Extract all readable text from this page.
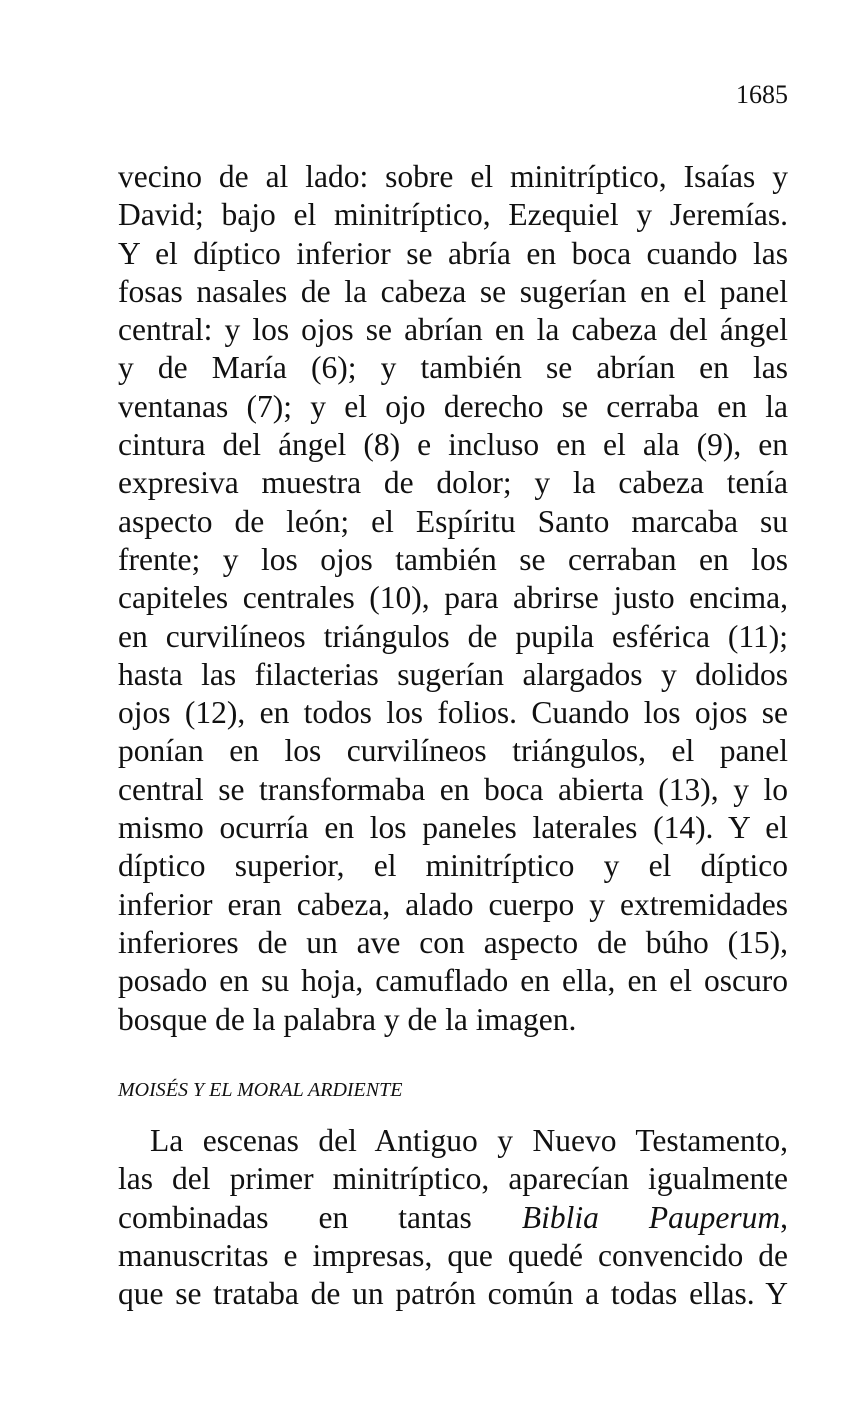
1685

vecino de al lado: sobre el minitríptico, Isaías y
David; bajo el minitríptico, Ezequiel y Jeremías.
Y el díptico inferior se abría en boca cuando las
fosas nasales de la cabeza se sugerían en el panel
central: y los ojos se abrían en la cabeza del ángel
y de María (6); y también se abrían en las
ventanas (7); y el ojo derecho se cerraba en la
cintura del ángel (8) e incluso en el ala (9), en
expresiva muestra de dolor; y la cabeza tenía
aspecto de león; el Espíritu Santo marcaba su
frente; y los ojos también se cerraban en los
capiteles centrales (10), para abrirse justo encima,
en curvilíneos triángulos de pupila esférica (11);
hasta las filacterias sugerían alargados y dolidos
ojos (12), en todos los folios. Cuando los ojos se
ponían en los curvilíneos triángulos, el panel
central se transformaba en boca abierta (13), y lo
mismo ocurría en los paneles laterales (14). Y el
díptico superior, el minitríptico y el díptico
inferior eran cabeza, alado cuerpo y extremidades
inferiores de un ave con aspecto de búho (15),
posado en su hoja, camuflado en ella, en el oscuro
bosque de la palabra y de la imagen.

MOISÉS Y EL MORAL ARDIENTE

La escenas del Antiguo y Nuevo Testamento,
las del primer minitríptico, aparecían igualmente
combinadas en tantas Biblia Pauperum,
manuscritas e impresas, que quedé convencido de
que se trataba de un patrón común a todas ellas. Y
